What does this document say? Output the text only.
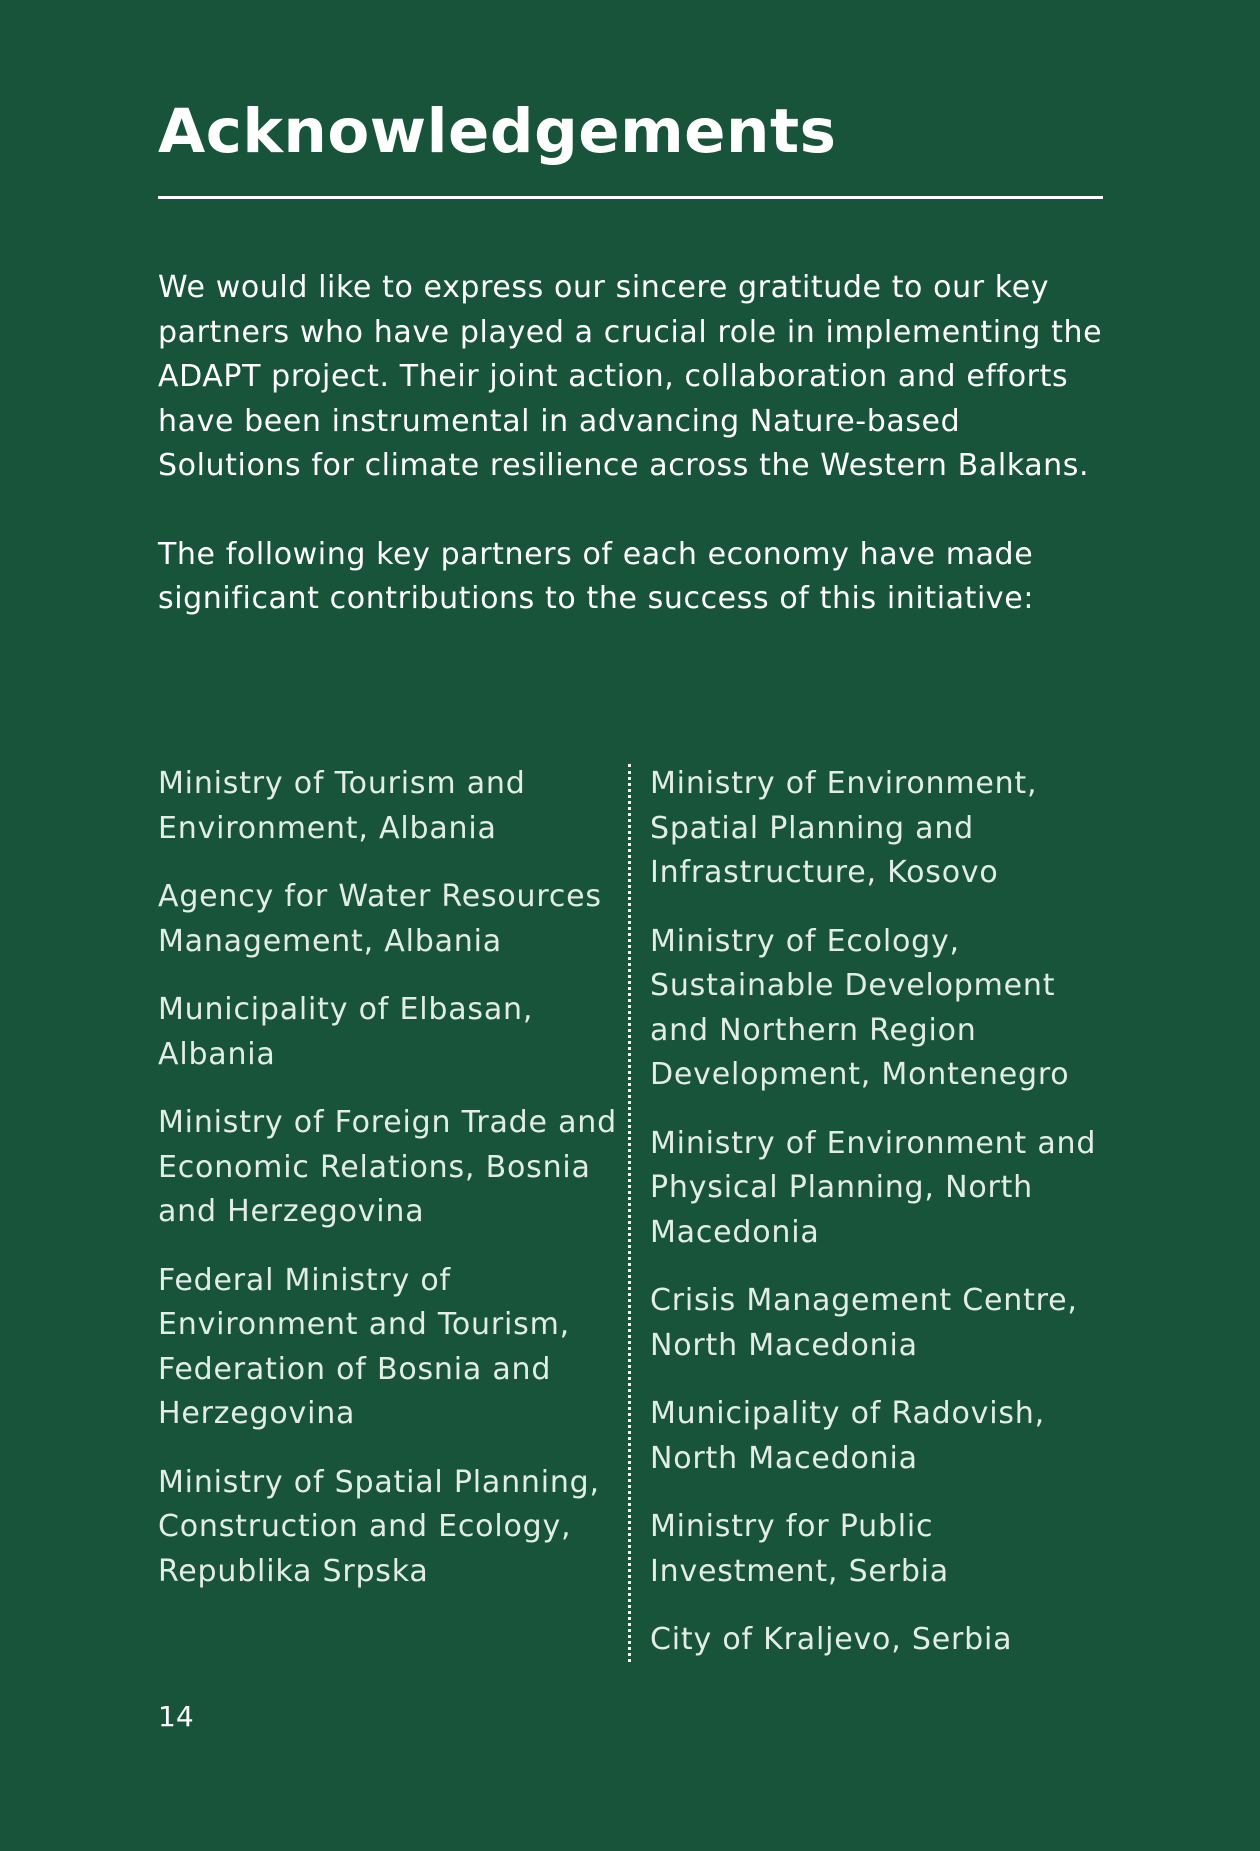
Acknowledgements

We would like to express our sincere gratitude to our key partners who have played a crucial role in implementing the ADAPT project. Their joint action, collaboration and efforts have been instrumental in advancing Nature-based Solutions for climate resilience across the Western Balkans.

The following key partners of each economy have made significant contributions to the success of this initiative:

Ministry of Tourism and Environment, Albania

Agency for Water Resources Management, Albania

Municipality of Elbasan, Albania

Ministry of Foreign Trade and Economic Relations, Bosnia and Herzegovina

Federal Ministry of Environment and Tourism, Federation of Bosnia and Herzegovina

Ministry of Spatial Planning, Construction and Ecology, Republika Srpska

Ministry of Environment, Spatial Planning and Infrastructure, Kosovo

Ministry of Ecology, Sustainable Development and Northern Region Development, Montenegro

Ministry of Environment and Physical Planning, North Macedonia

Crisis Management Centre, North Macedonia

Municipality of Radovish, North Macedonia

Ministry for Public Investment, Serbia

City of Kraljevo, Serbia

14
